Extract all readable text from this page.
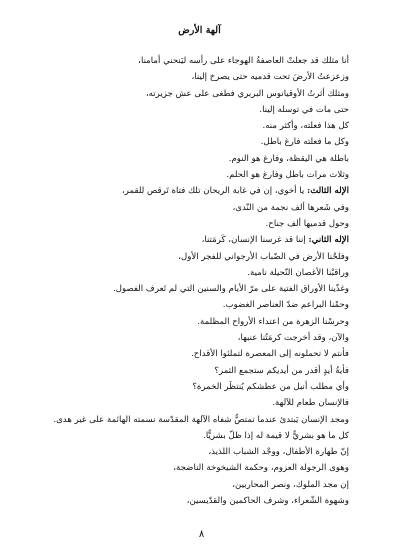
آلهة الأرض
أنا مثلك قد جعلتْ العاصفةُ الهوجاء على رأسه ليَنحني أمامنا،
وزعزعتُ الأرضَ تحت قدميه حتى يصرخ إلينا،
ومثلك أثرتُ الأوقيانوس البربري فطغى على عش جزيرته،
حتى مات في توسله إلينا.
كل هذا فعلته، وأكثر منه.
وكل ما فعلته فارغ باطل.
باطلة هي اليقظة، وفارغ هو النوم.
وثلاث مرات باطل وفارغ هو الحلم.
الإله الثالث: يا أخوي، إن في غابة الريحان تلك فتاة تَرقص للقمر،
وفي شَعرها ألف نجمة من النّدى،
وحول قدميها ألف جناح.
الإله الثاني: إننا قد غرسنا الإنسان، كَرمَتنا،
وفلحْنا الأرض في الضّباب الأرجواني للفجر الأول،
وراقبْنا الأغصان النّحيلة نامية.
وغذّينا الأوراق الفتية على مرّ الأيام والسنين التي لم تَعرف الفصول.
وحمْنا البراعم ضدّ العناصر الغضوب.
وحرسْنا الزهرة من اعتداء الأرواح المظلمة.
والآن، وقد أخرجت كرمَتُنا عنبها،
فأنتم لا تحملونه إلى المعصرة لتملئوا الأقداح.
فأيةُ أيدٍ أقدر من أيديكم ستجمع الثمر؟
وأي مطلب أنبل من عطشكم يُنتظَر الخمرة؟
فالإنسان طعام للآلهة.
ومجد الإنسان يَبتدئ عندما تمتصُّ شفاه الآلهة المقدّسة نسمته الهائمة على غير هدى.
كل ما هو بشريٌّ لا قيمة له إذا ظلّ بشريًّا.
إنّ طهارة الأطفال، ووجْد الشباب اللذيذ،
وهوى الرجولة العزوم، وحكمة الشيخوخة الناضجة،
إن مجد الملوك، ونصر المحاربين،
وشهوة الشّعراء، وشرف الحاكمين والقدّيسين،
٨
